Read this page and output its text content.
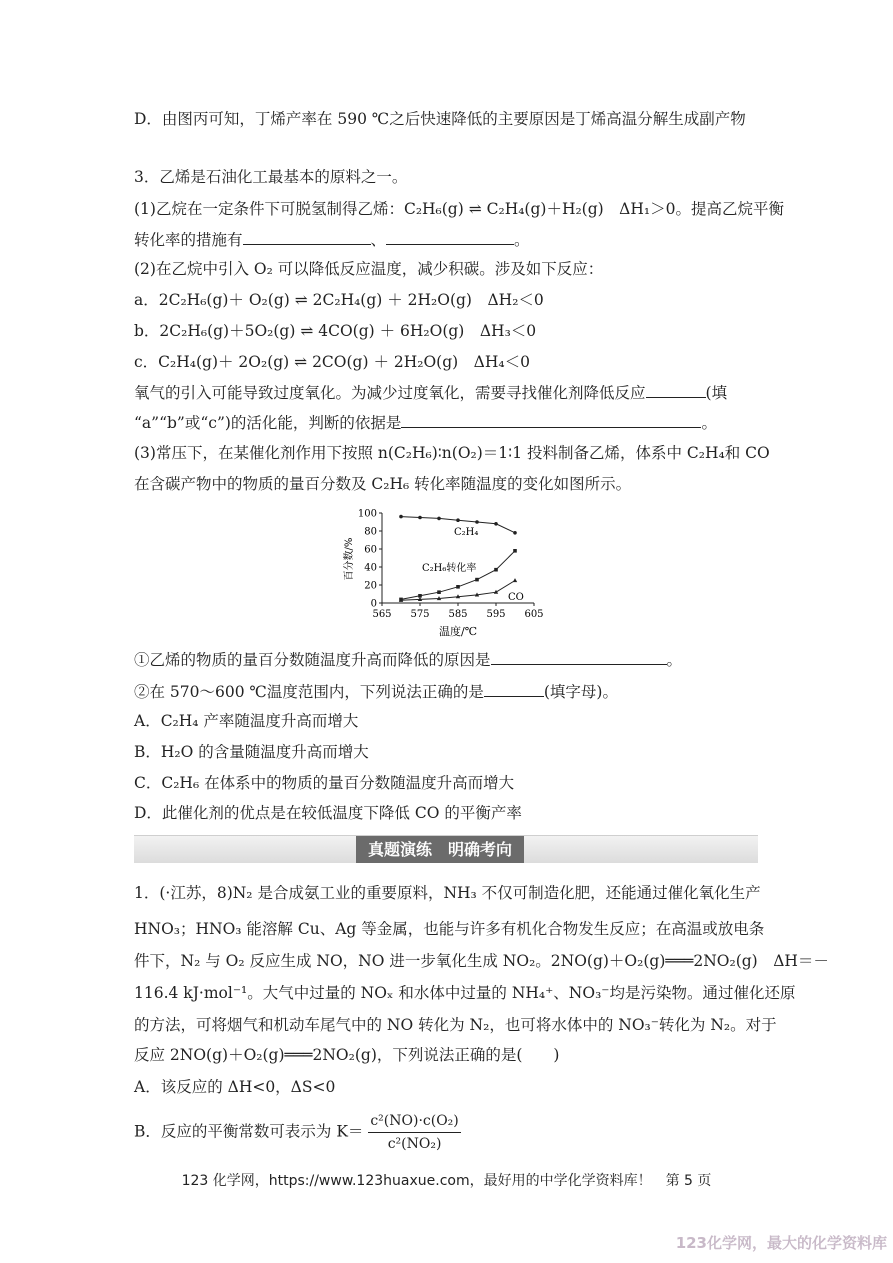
D．由图丙可知，丁烯产率在 590 ℃之后快速降低的主要原因是丁烯高温分解生成副产物
3．乙烯是石油化工最基本的原料之一。
(1)乙烷在一定条件下可脱氢制得乙烯：C₂H₆(g) ⇌ C₂H₄(g)＋H₂(g)　ΔH₁＞0。提高乙烷平衡
转化率的措施有	、	。
(2)在乙烷中引入 O₂ 可以降低反应温度，减少积碳。涉及如下反应：
a．2C₂H₆(g)＋ O₂(g) ⇌ 2C₂H₄(g) ＋ 2H₂O(g)　ΔH₂＜0
b．2C₂H₆(g)＋5O₂(g) ⇌ 4CO(g) ＋ 6H₂O(g)　ΔH₃＜0
c．C₂H₄(g)＋ 2O₂(g) ⇌ 2CO(g) ＋ 2H₂O(g)　ΔH₄＜0
氧气的引入可能导致过度氧化。为减少过度氧化，需要寻找催化剂降低反应	(填
“a”“b”或“c”)的活化能，判断的依据是	。
(3)常压下，在某催化剂作用下按照 n(C₂H₆)∶n(O₂)＝1∶1 投料制备乙烯，体系中 C₂H₄和 CO
在含碳产物中的物质的量百分数及 C₂H₆ 转化率随温度的变化如图所示。
565 575 585 595 605
0
20
40
60
80
100
百分数/%
温度/℃
C₂H₄
C₂H₆转化率
CO
①乙烯的物质的量百分数随温度升高而降低的原因是	。
②在 570～600 ℃温度范围内，下列说法正确的是	(填字母)。
A．C₂H₄ 产率随温度升高而增大
B．H₂O 的含量随温度升高而增大
C．C₂H₆ 在体系中的物质的量百分数随温度升高而增大
D．此催化剂的优点是在较低温度下降低 CO 的平衡产率
真题演练　明确考向
1．(·江苏，8)N₂ 是合成氨工业的重要原料，NH₃ 不仅可制造化肥，还能通过催化氧化生产
HNO₃；HNO₃ 能溶解 Cu、Ag 等金属，也能与许多有机化合物发生反应；在高温或放电条
件下，N₂ 与 O₂ 反应生成 NO，NO 进一步氧化生成 NO₂。2NO(g)＋O₂(g)═══2NO₂(g)　ΔH＝－
116.4 kJ·mol⁻¹。大气中过量的 NOₓ 和水体中过量的 NH₄⁺、NO₃⁻均是污染物。通过催化还原
的方法，可将烟气和机动车尾气中的 NO 转化为 N₂，也可将水体中的 NO₃⁻转化为 N₂。对于
反应 2NO(g)＋O₂(g)═══2NO₂(g)，下列说法正确的是(　　)
A．该反应的 ΔH<0，ΔS<0
B．反应的平衡常数可表示为 $K= \frac{\text{c²(NO)·c(O₂)}}{\text{c²(NO₂)}}$
123 化学网，https://www.123huaxue.com，最好用的中学化学资料库！　第 5 页
123化学网，最大的化学资料库
